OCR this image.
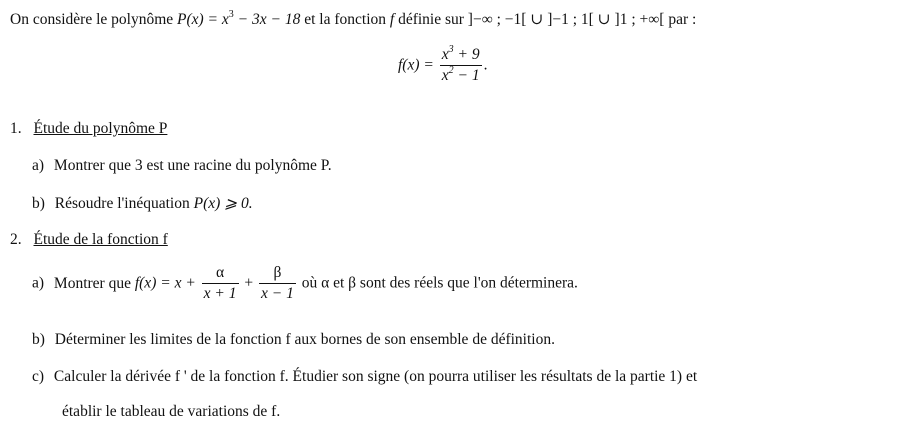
On considère le polynôme $P(x) = x^3 - 3x - 18$ et la fonction f définie sur ]−∞ ; −1[ ∪ ]−1 ; 1[ ∪ ]1 ; +∞[ par :
$f(x) = \frac{x^3 + 9}{x^2 - 1}$ .
1. Étude du polynôme P
a) Montrer que 3 est une racine du polynôme P.
b) Résoudre l'inéquation P(x) ⩾ 0.
2. Étude de la fonction f
a) Montrer que $f(x) = x + \frac{\alpha}{x + 1} + \frac{\beta}{x - 1}$ où α et β sont des réels que l'on déterminera.
b) Déterminer les limites de la fonction f aux bornes de son ensemble de définition.
c) Calculer la dérivée f ' de la fonction f. Étudier son signe (on pourra utiliser les résultats de la partie 1) et
établir le tableau de variations de f.
